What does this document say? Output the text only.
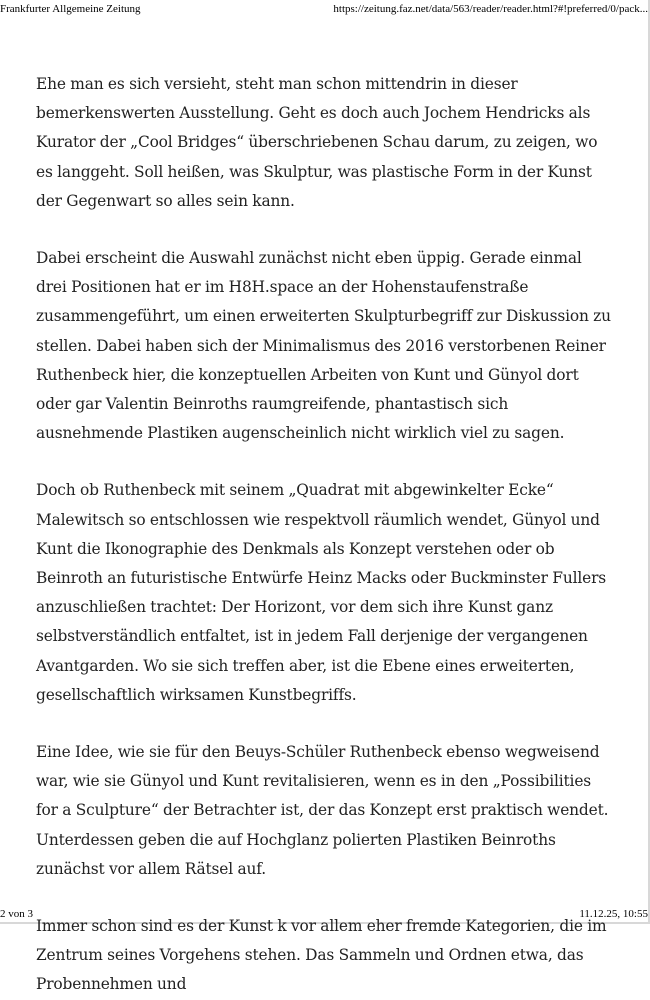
Frankfurter Allgemeine Zeitung	https://zeitung.faz.net/data/563/reader/reader.html?#!preferred/0/pack...

Ehe man es sich versieht, steht man schon mittendrin in dieser bemerkenswerten Ausstellung. Geht es doch auch Jochem Hendricks als Kurator der „Cool Bridges“ überschriebenen Schau darum, zu zeigen, wo es langgeht. Soll heißen, was Skulptur, was plastische Form in der Kunst der Gegenwart so alles sein kann.

Dabei erscheint die Auswahl zunächst nicht eben üppig. Gerade einmal drei Positionen hat er im H8H.space an der Hohenstaufenstraße zusammengeführt, um einen erweiterten Skulpturbegriff zur Diskussion zu stellen. Dabei haben sich der Minimalismus des 2016 verstorbenen Reiner Ruthenbeck hier, die konzeptuellen Arbeiten von Kunt und Günyol dort oder gar Valentin Beinroths raumgreifende, phantastisch sich ausnehmende Plastiken augenscheinlich nicht wirklich viel zu sagen.

Doch ob Ruthenbeck mit seinem „Quadrat mit abgewinkelter Ecke“ Malewitsch so entschlossen wie respektvoll räumlich wendet, Günyol und Kunt die Ikonographie des Denkmals als Konzept verstehen oder ob Beinroth an futuristische Entwürfe Heinz Macks oder Buckminster Fullers anzuschließen trachtet: Der Horizont, vor dem sich ihre Kunst ganz selbstverständlich entfaltet, ist in jedem Fall derjenige der vergangenen Avantgarden. Wo sie sich treffen aber, ist die Ebene eines erweiterten, gesellschaftlich wirksamen Kunstbegriffs.

Eine Idee, wie sie für den Beuys-Schüler Ruthenbeck ebenso wegweisend war, wie sie Günyol und Kunt revitalisieren, wenn es in den „Possibilities for a Sculpture“ der Betrachter ist, der das Konzept erst praktisch wendet. Unterdessen geben die auf Hochglanz polierten Plastiken Beinroths zunächst vor allem Rätsel auf.

Immer schon sind es der Kunst k vor allem eher fremde Kategorien, die im Zentrum seines Vorgehens stehen. Das Sammeln und Ordnen etwa, das Probennehmen und

2 von 3	11.12.25, 10:55
